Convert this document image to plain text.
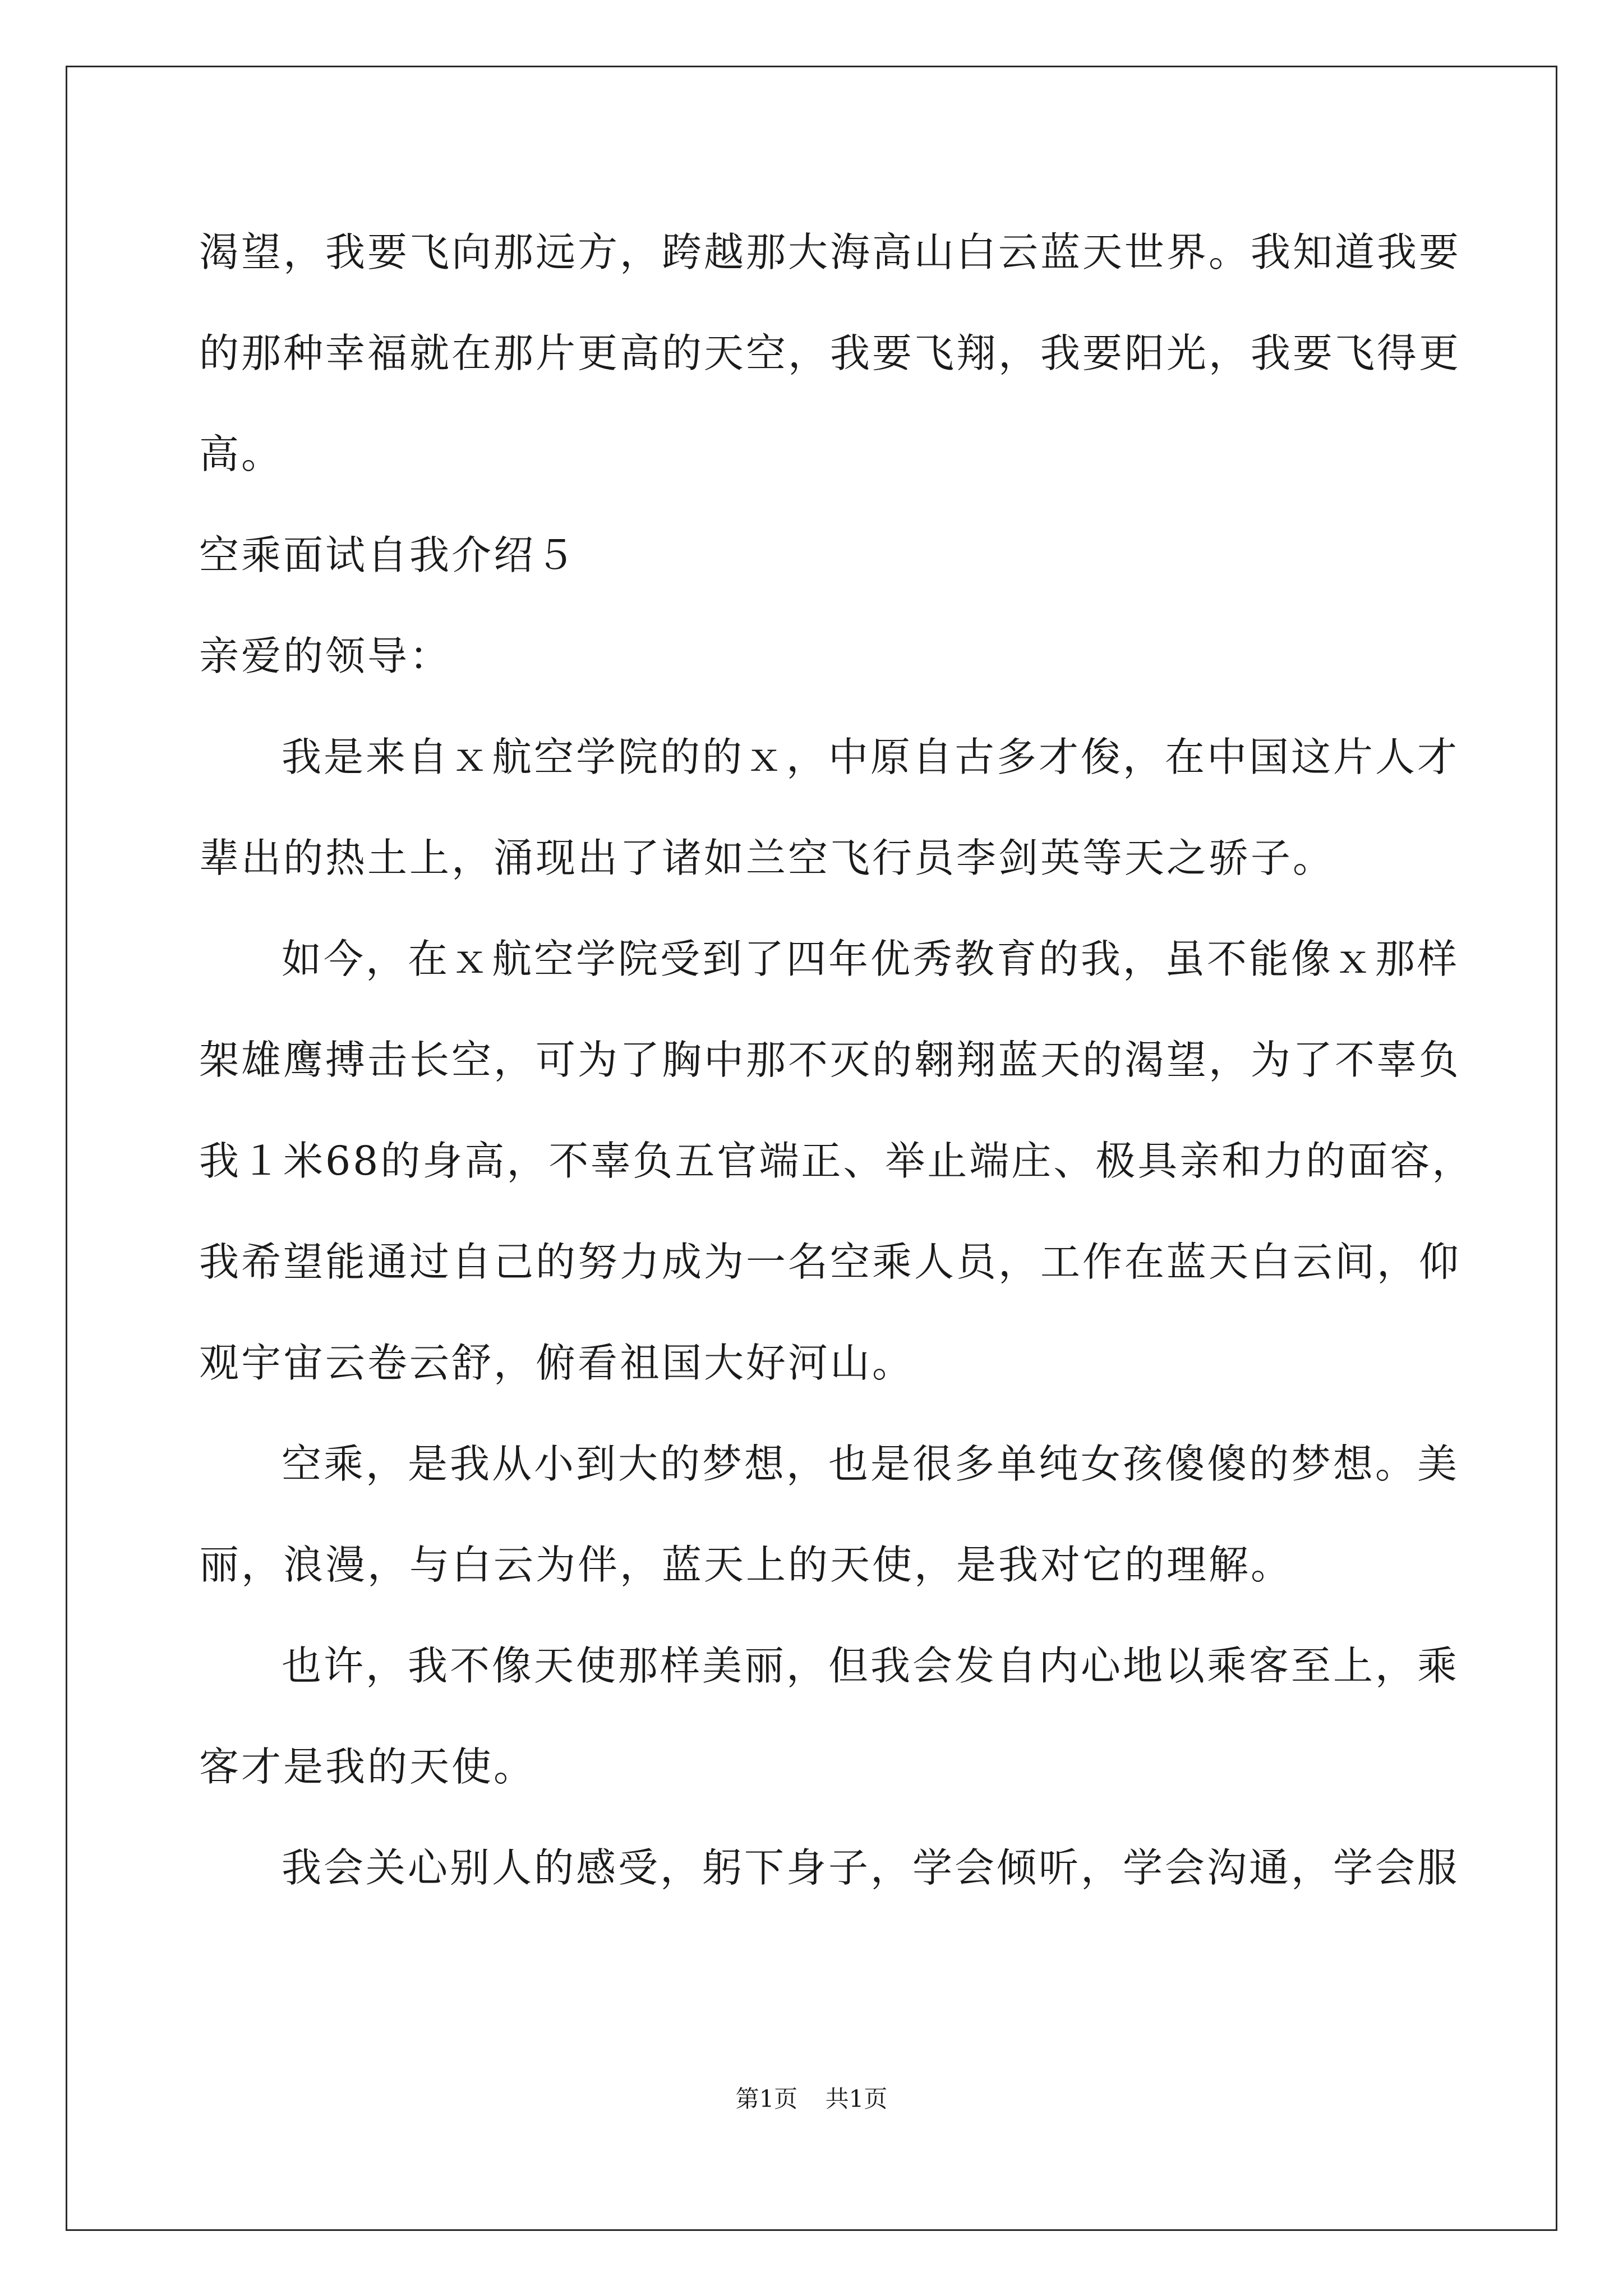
渴望，我要飞向那远方，跨越那大海高山白云蓝天世界。我知道我要
的那种幸福就在那片更高的天空，我要飞翔，我要阳光，我要飞得更
高。
空乘面试自我介绍５
亲爱的领导：
我是来自ｘ航空学院的的ｘ，中原自古多才俊，在中国这片人才
辈出的热土上，涌现出了诸如兰空飞行员李剑英等天之骄子。
如今，在ｘ航空学院受到了四年优秀教育的我，虽不能像ｘ那样
架雄鹰搏击长空，可为了胸中那不灭的翱翔蓝天的渴望，为了不辜负
我１米68的身高，不辜负五官端正、举止端庄、极具亲和力的面容，
我希望能通过自己的努力成为一名空乘人员，工作在蓝天白云间，仰
观宇宙云卷云舒，俯看祖国大好河山。
空乘，是我从小到大的梦想，也是很多单纯女孩傻傻的梦想。美
丽，浪漫，与白云为伴，蓝天上的天使，是我对它的理解。
也许，我不像天使那样美丽，但我会发自内心地以乘客至上，乘
客才是我的天使。
我会关心别人的感受，躬下身子，学会倾听，学会沟通，学会服
第1页 共1页
